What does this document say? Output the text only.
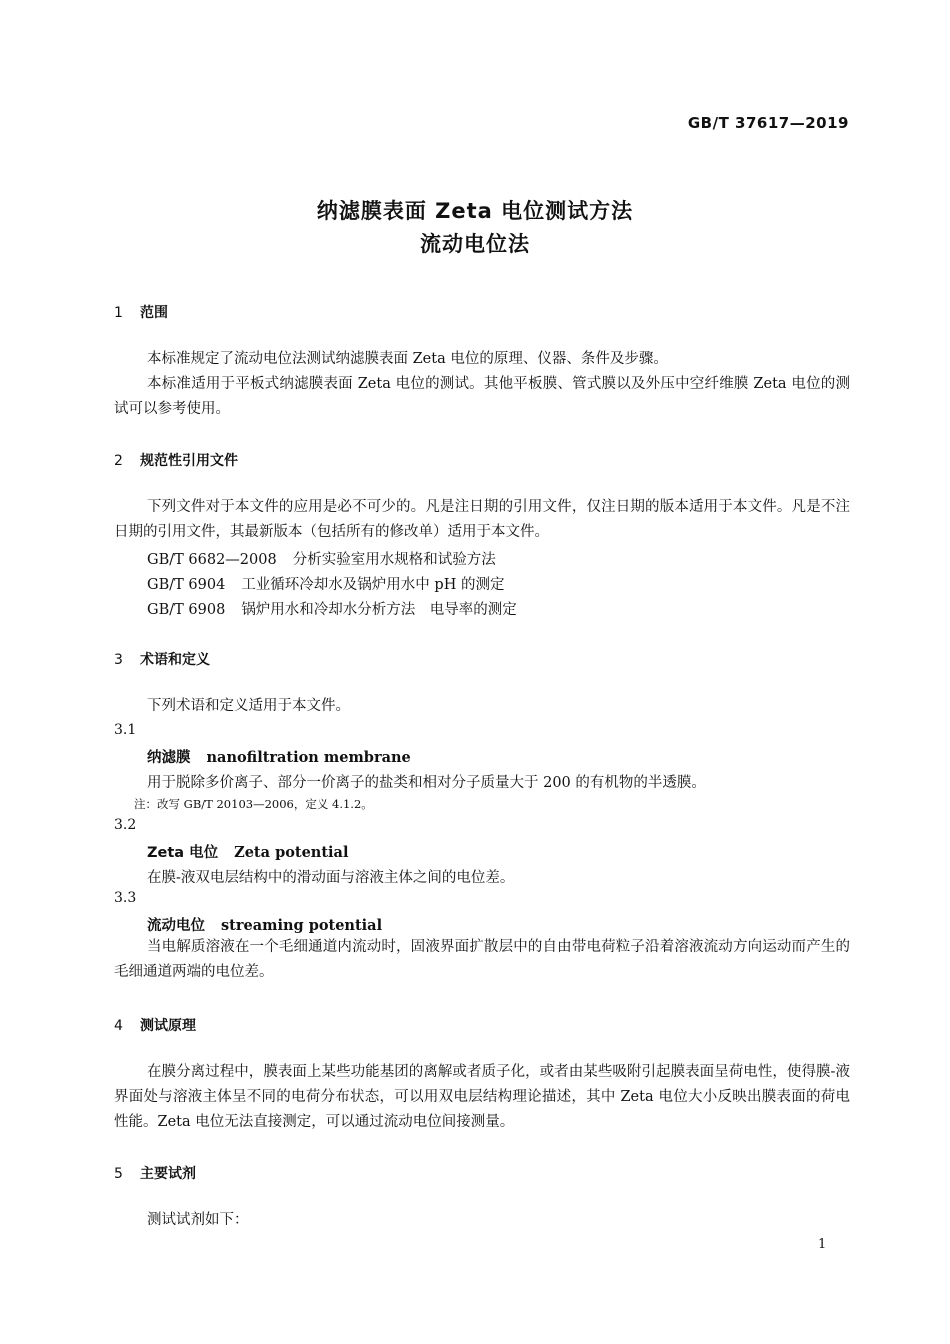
GB/T 37617—2019
纳滤膜表面 Zeta 电位测试方法
流动电位法
1 范围
本标准规定了流动电位法测试纳滤膜表面 Zeta 电位的原理、仪器、条件及步骤。
本标准适用于平板式纳滤膜表面 Zeta 电位的测试。其他平板膜、管式膜以及外压中空纤维膜 Zeta 电位的测试可以参考使用。
2 规范性引用文件
下列文件对于本文件的应用是必不可少的。凡是注日期的引用文件，仅注日期的版本适用于本文件。凡是不注日期的引用文件，其最新版本（包括所有的修改单）适用于本文件。
GB/T 6682—2008 分析实验室用水规格和试验方法
GB/T 6904 工业循环冷却水及锅炉用水中 pH 的测定
GB/T 6908 锅炉用水和冷却水分析方法　电导率的测定
3 术语和定义
下列术语和定义适用于本文件。
3.1
纳滤膜 nanofiltration membrane
用于脱除多价离子、部分一价离子的盐类和相对分子质量大于 200 的有机物的半透膜。
注：改写 GB/T 20103—2006，定义 4.1.2。
3.2
Zeta 电位 Zeta potential
在膜-液双电层结构中的滑动面与溶液主体之间的电位差。
3.3
流动电位 streaming potential
当电解质溶液在一个毛细通道内流动时，固液界面扩散层中的自由带电荷粒子沿着溶液流动方向运动而产生的毛细通道两端的电位差。
4 测试原理
在膜分离过程中，膜表面上某些功能基团的离解或者质子化，或者由某些吸附引起膜表面呈荷电性，使得膜-液界面处与溶液主体呈不同的电荷分布状态，可以用双电层结构理论描述，其中 Zeta 电位大小反映出膜表面的荷电性能。Zeta 电位无法直接测定，可以通过流动电位间接测量。
5 主要试剂
测试试剂如下：
1
